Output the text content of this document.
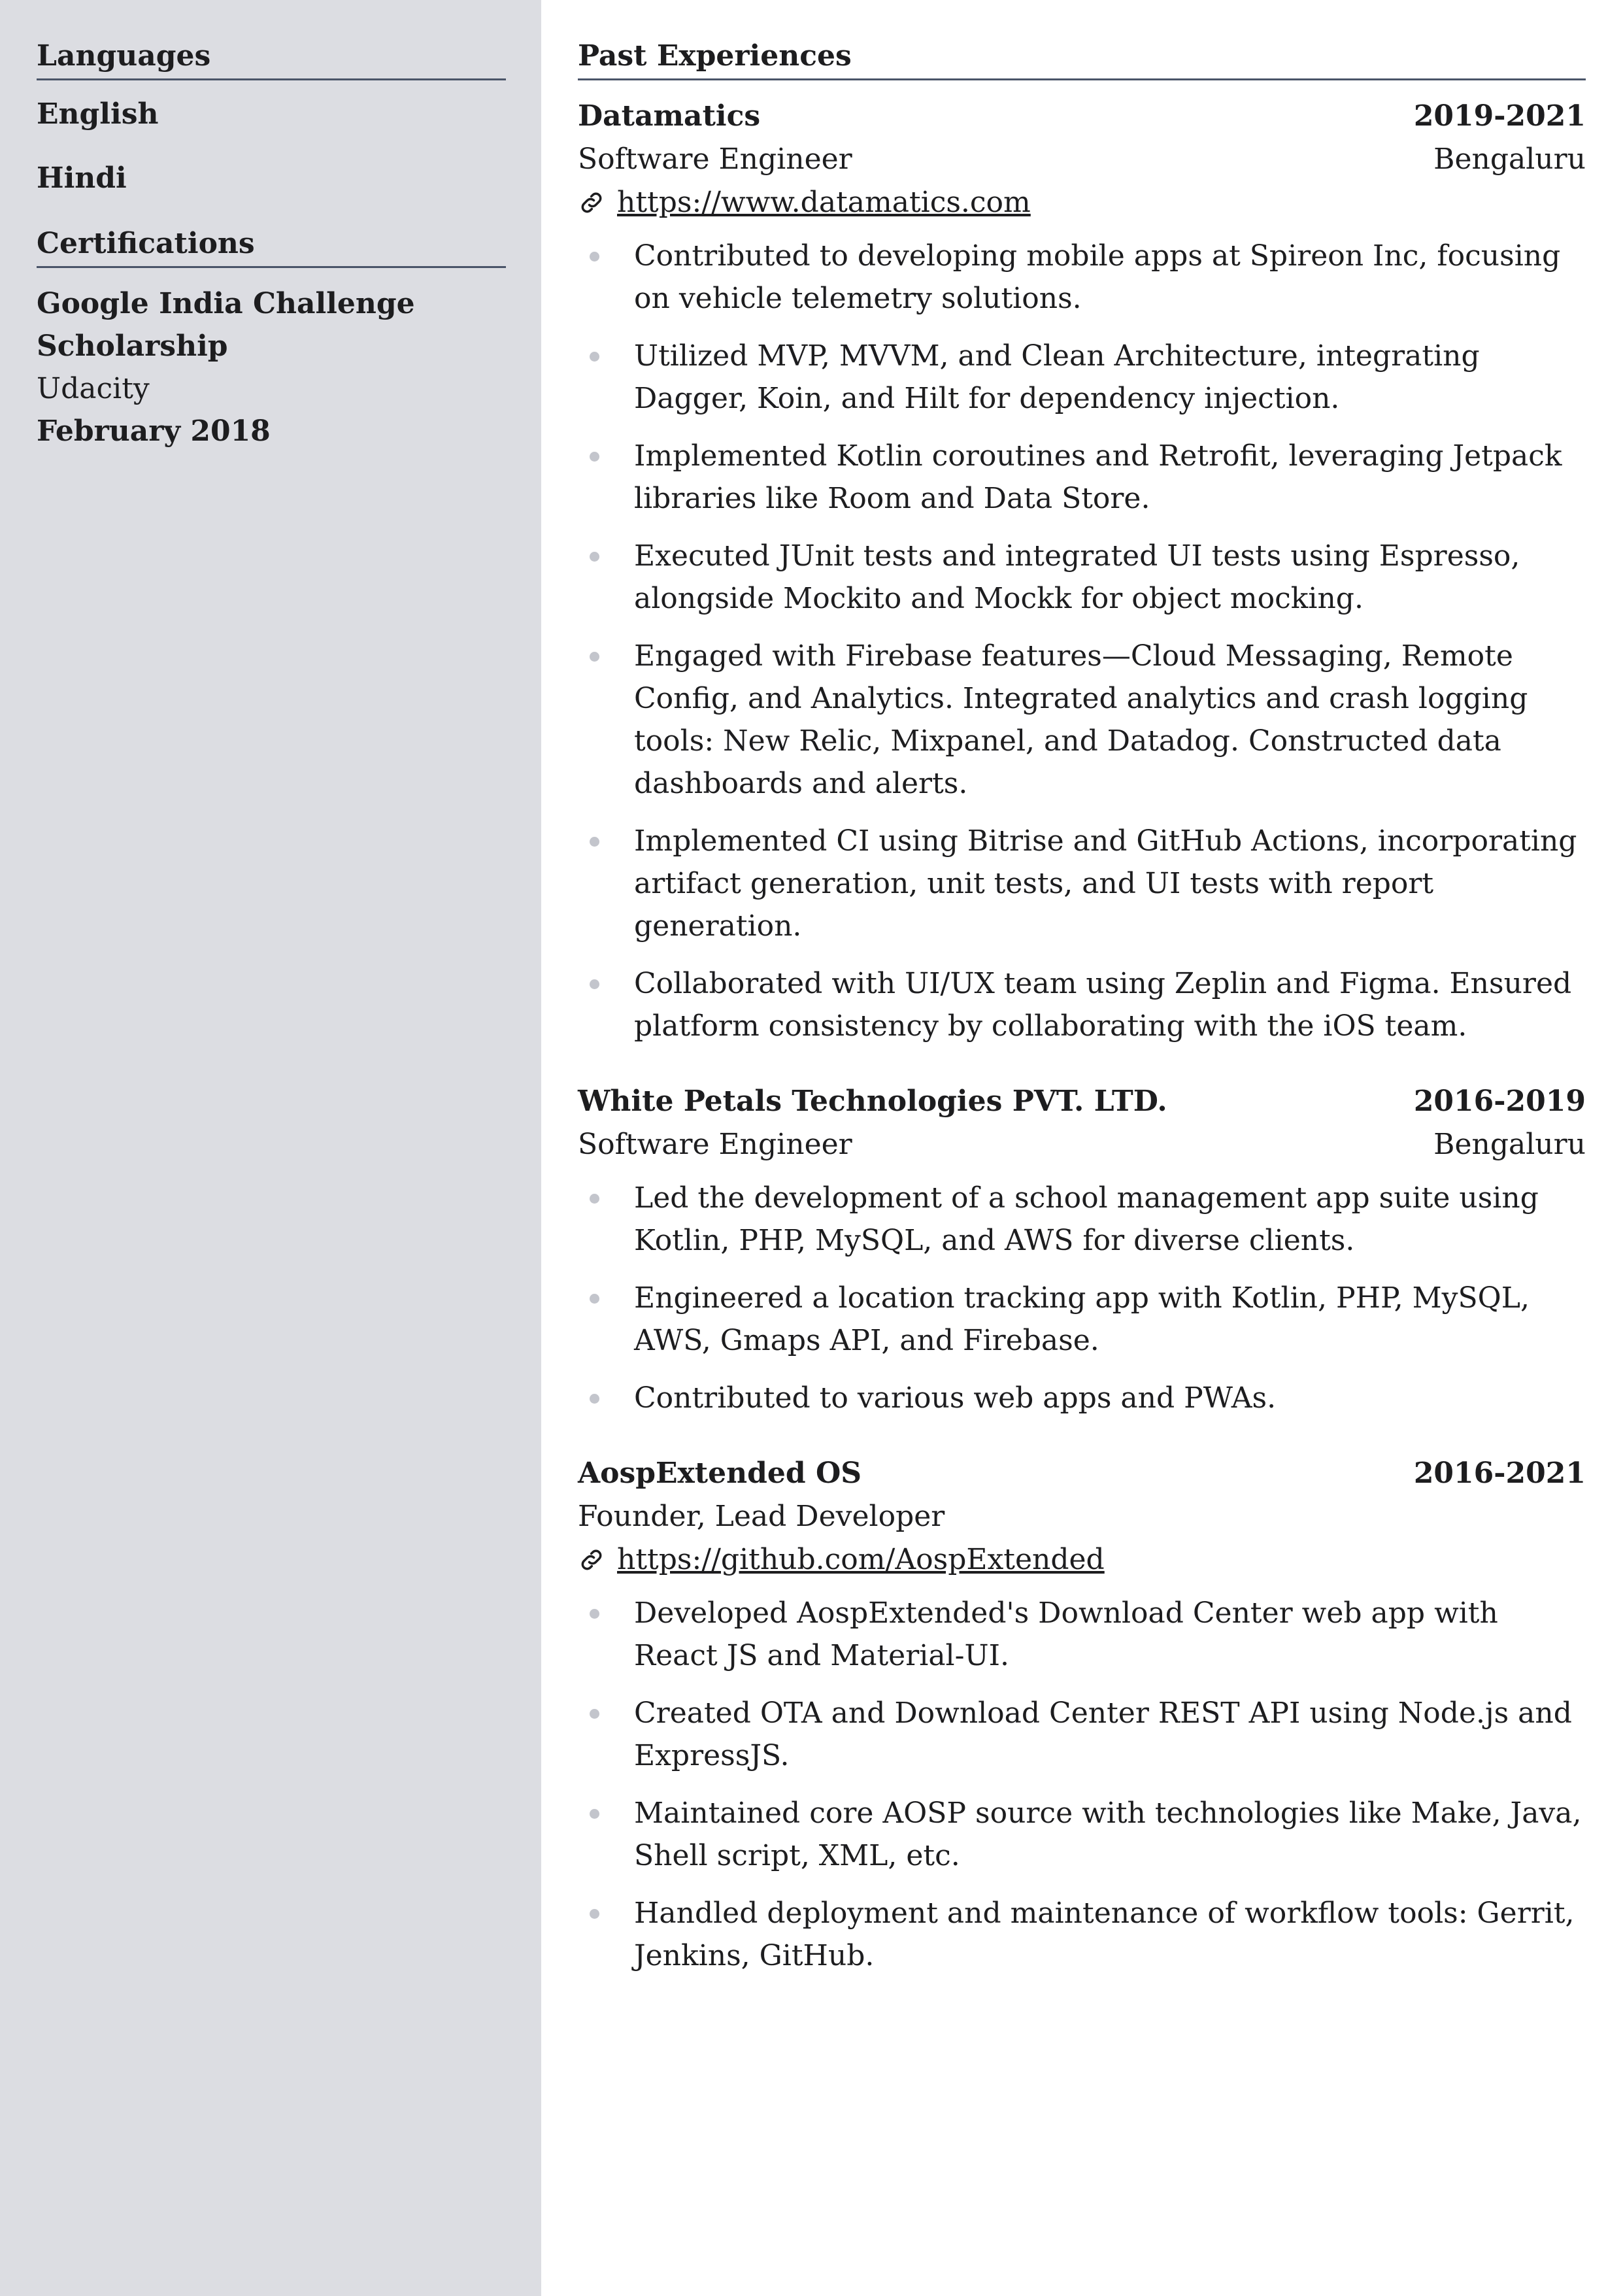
Languages
English
Hindi
Certifications
Google India Challenge
Scholarship
Udacity
February 2018
Past Experiences
Datamatics	2019-2021
Software Engineer	Bengaluru
https://www.datamatics.com
Contributed to developing mobile apps at Spireon Inc, focusing on vehicle telemetry solutions.
Utilized MVP, MVVM, and Clean Architecture, integrating Dagger, Koin, and Hilt for dependency injection.
Implemented Kotlin coroutines and Retrofit, leveraging Jetpack libraries like Room and Data Store.
Executed JUnit tests and integrated UI tests using Espresso, alongside Mockito and Mockk for object mocking.
Engaged with Firebase features—Cloud Messaging, Remote Config, and Analytics. Integrated analytics and crash logging tools: New Relic, Mixpanel, and Datadog. Constructed data dashboards and alerts.
Implemented CI using Bitrise and GitHub Actions, incorporating artifact generation, unit tests, and UI tests with report generation.
Collaborated with UI/UX team using Zeplin and Figma. Ensured platform consistency by collaborating with the iOS team.
White Petals Technologies PVT. LTD.	2016-2019
Software Engineer	Bengaluru
Led the development of a school management app suite using Kotlin, PHP, MySQL, and AWS for diverse clients.
Engineered a location tracking app with Kotlin, PHP, MySQL, AWS, Gmaps API, and Firebase.
Contributed to various web apps and PWAs.
AospExtended OS	2016-2021
Founder, Lead Developer
https://github.com/AospExtended
Developed AospExtended's Download Center web app with React JS and Material-UI.
Created OTA and Download Center REST API using Node.js and ExpressJS.
Maintained core AOSP source with technologies like Make, Java, Shell script, XML, etc.
Handled deployment and maintenance of workflow tools: Gerrit, Jenkins, GitHub.
